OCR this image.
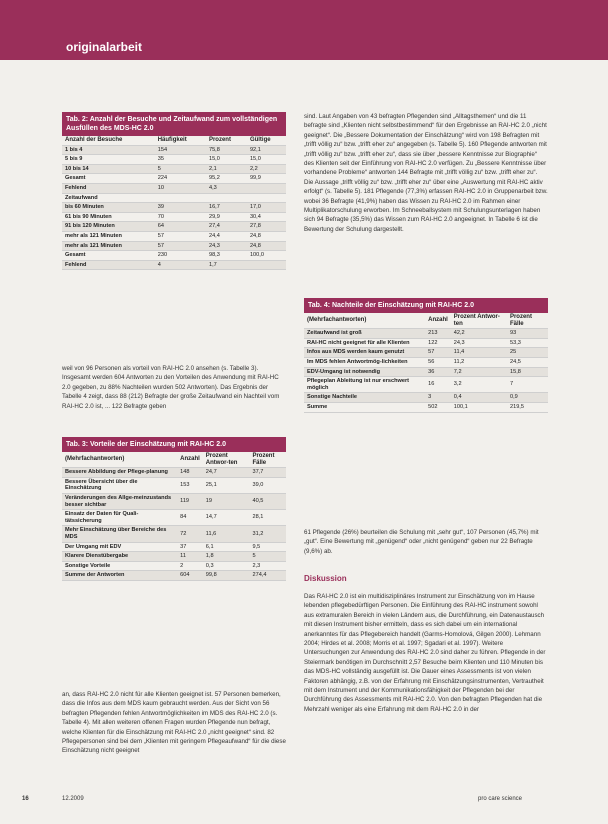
originalarbeit
Tab. 2: Anzahl der Besuche und Zeitaufwand zum vollständigen Ausfüllen des MDS-HC 2.0
Anzahl der Besuche	Häufigkeit	Prozent	Gültige
1 bis 4	154	75,8	92,1
5 bis 9	35	15,0	15,0
10 bis 14	5	2,1	2,2
Gesamt	224	95,2	99,9
Fehlend	10	4,3	
Zeitaufwand			
bis 60 Minuten	39	16,7	17,0
61 bis 90 Minuten	70	29,9	30,4
91 bis 120 Minuten	64	27,4	27,8
mehr als 121 Minuten	57	24,4	24,8
mehr als 121 Minuten	57	24,3	24,8
Gesamt	230	98,3	100,0
Fehlend	4	1,7	
weil von 96 Personen als vorteil von RAI-HC 2.0 ansehen (s. Tabelle 3). Insgesamt werden 604 Antworten zu den Vorteilen des Anwendung mit RAI-HC 2.0 gegeben, zu 88% Nachteilen wurden 502 Antworten). Das Ergebnis der Tabelle 4 zeigt, dass 88 (212) Befragte der große Zeitaufwand ein Nachteil vom RAI-HC 2.0 ist, ... 122 Befragte geben
Tab. 3: Vorteile der Einschätzung mit RAI-HC 2.0
(Mehrfachantworten)	Anzahl	Prozent Antwor-ten	Prozent Fälle
Bessere Abbildung der Pflege-planung	148	24,7	37,7
Bessere Übersicht über die Einschätzung	153	25,1	39,0
Veränderungen des Allge-meinzustands besser sichtbar	119	19	40,5
Einsatz der Daten für Quali-tätssicherung	84	14,7	28,1
Mehr Einschätzung über Bereiche des MDS	72	11,6	31,2
Der Umgang mit EDV	37	6,1	9,5
Klarere Dienstübergabe	11	1,8	5
Sonstige Vorteile	2	0,3	2,3
Summe der Antworten	604	99,8	274,4
an, dass RAI-HC 2.0 nicht für alle Klienten geeignet ist. 57 Personen bemerken, dass die Infos aus dem MDS kaum gebraucht werden. Aus der Sicht von 56 befragten Pflegenden fehlen Antwortmöglichkeiten im MDS des RAI-HC 2.0 (s. Tabelle 4). Mit allen weiteren offenen Fragen wurden Pflegende nun befragt, welche Klienten für die Einschätzung mit RAI-HC 2.0 „nicht geeignet“ sind. 82 Pflegepersonen sind bei dem „Klienten mit geringem Pflegeaufwand“ für die diese Einschätzung nicht geeignet
sind. Laut Angaben von 43 befragten Pflegenden sind „Alltagsthemen“ und die 11 befragte sind „Klienten nicht selbstbestimmend“ für den Ergebnisse an RAI-HC 2.0 „nicht geeignet“. Die „Bessere Dokumentation der Einschätzung“ wird von 198 Befragten mit „trifft völlig zu“ bzw. „trifft eher zu“ angegeben (s. Tabelle 5). 160 Pflegende antworten mit „trifft völlig zu“ bzw. „trifft eher zu“, dass sie über „bessere Kenntnisse zur Biographie“ des Klienten seit der Einführung von RAI-HC 2.0 verfügen. Zu „Bessere Kenntnisse über vorhandene Probleme“ antworten 144 Befragte mit „trifft völlig zu“ bzw. „trifft eher zu“. Die Aussage „trifft völlig zu“ bzw. „trifft eher zu“ über eine „Auswertung mit RAI-HC aktiv erfolgt“ (s. Tabelle 5). 181 Pflegende (77,3%) erfassen RAI-HC 2.0 in Gruppenarbeit bzw. wobei 36 Befragte (41,9%) haben das Wissen zu RAI-HC 2.0 im Rahmen einer Multiplikatorschulung erworben. Im Schneeballsystem mit Schulungsunterlagen haben sich 94 Befragte (35,5%) das Wissen zum RAI-HC 2.0 angeeignet. In Tabelle 6 ist die Bewertung der Schulung dargestellt.
Tab. 4: Nachteile der Einschätzung mit RAI-HC 2.0
(Mehrfachantworten)	Anzahl	Prozent Antwor-ten	Prozent Fälle
Zeitaufwand ist groß	213	42,2	93
RAI-HC nicht geeignet für alle Klienten	122	24,3	53,3
Infos aus MDS werden kaum genutzt	57	11,4	25
Im MDS fehlen Antwortmög-lichkeiten	56	11,2	24,5
EDV-Umgang ist notwendig	36	7,2	15,8
Pflegeplan Ableitung ist nur erschwert möglich	16	3,2	7
Sonstige Nachteile	3	0,4	0,9
Summe	502	100,1	219,5
61 Pflegende (26%) beurteilen die Schulung mit „sehr gut“, 107 Personen (45,7%) mit „gut“. Eine Bewertung mit „genügend“ oder „nicht genügend“ geben nur 22 Befragte (9,6%) ab.
Diskussion
Das RAI-HC 2.0 ist ein multidisziplinäres Instrument zur Einschätzung von im Hause lebenden pflegebedürftigen Personen. Die Einführung des RAI-HC instrument sowohl aus extramuralen Bereich in vielen Ländern aus, die Durchführung, ein Datenaustausch mit diesen Instrument bisher ermitteln, dass es sich dabei um ein international anerkanntes für das Pflegebereich handelt (Garms-Homolová, Gilgen 2000). Lehmann 2004; Hirdes et al. 2008; Morris et al. 1997; Sgadari et al. 1997). Weitere Untersuchungen zur Anwendung des RAI-HC 2.0 sind daher zu führen. Pflegende in der Steiermark benötigen im Durchschnitt 2,57 Besuche beim Klienten und 110 Minuten bis das MDS-HC vollständig ausgefüllt ist. Die Dauer eines Assessments ist von vielen Faktoren abhängig, z.B. von der Erfahrung mit Einschätzungsinstrumenten, Vertrautheit mit dem Instrument und der Kommunikationsfähigkeit der Pflegenden bei der Durchführung des Assessments mit RAI-HC 2.0. Von den befragten Pflegenden hat die Mehrzahl weniger als eine Erfahrung mit dem RAI-HC 2.0 in der
16	12.2009	pro care science
